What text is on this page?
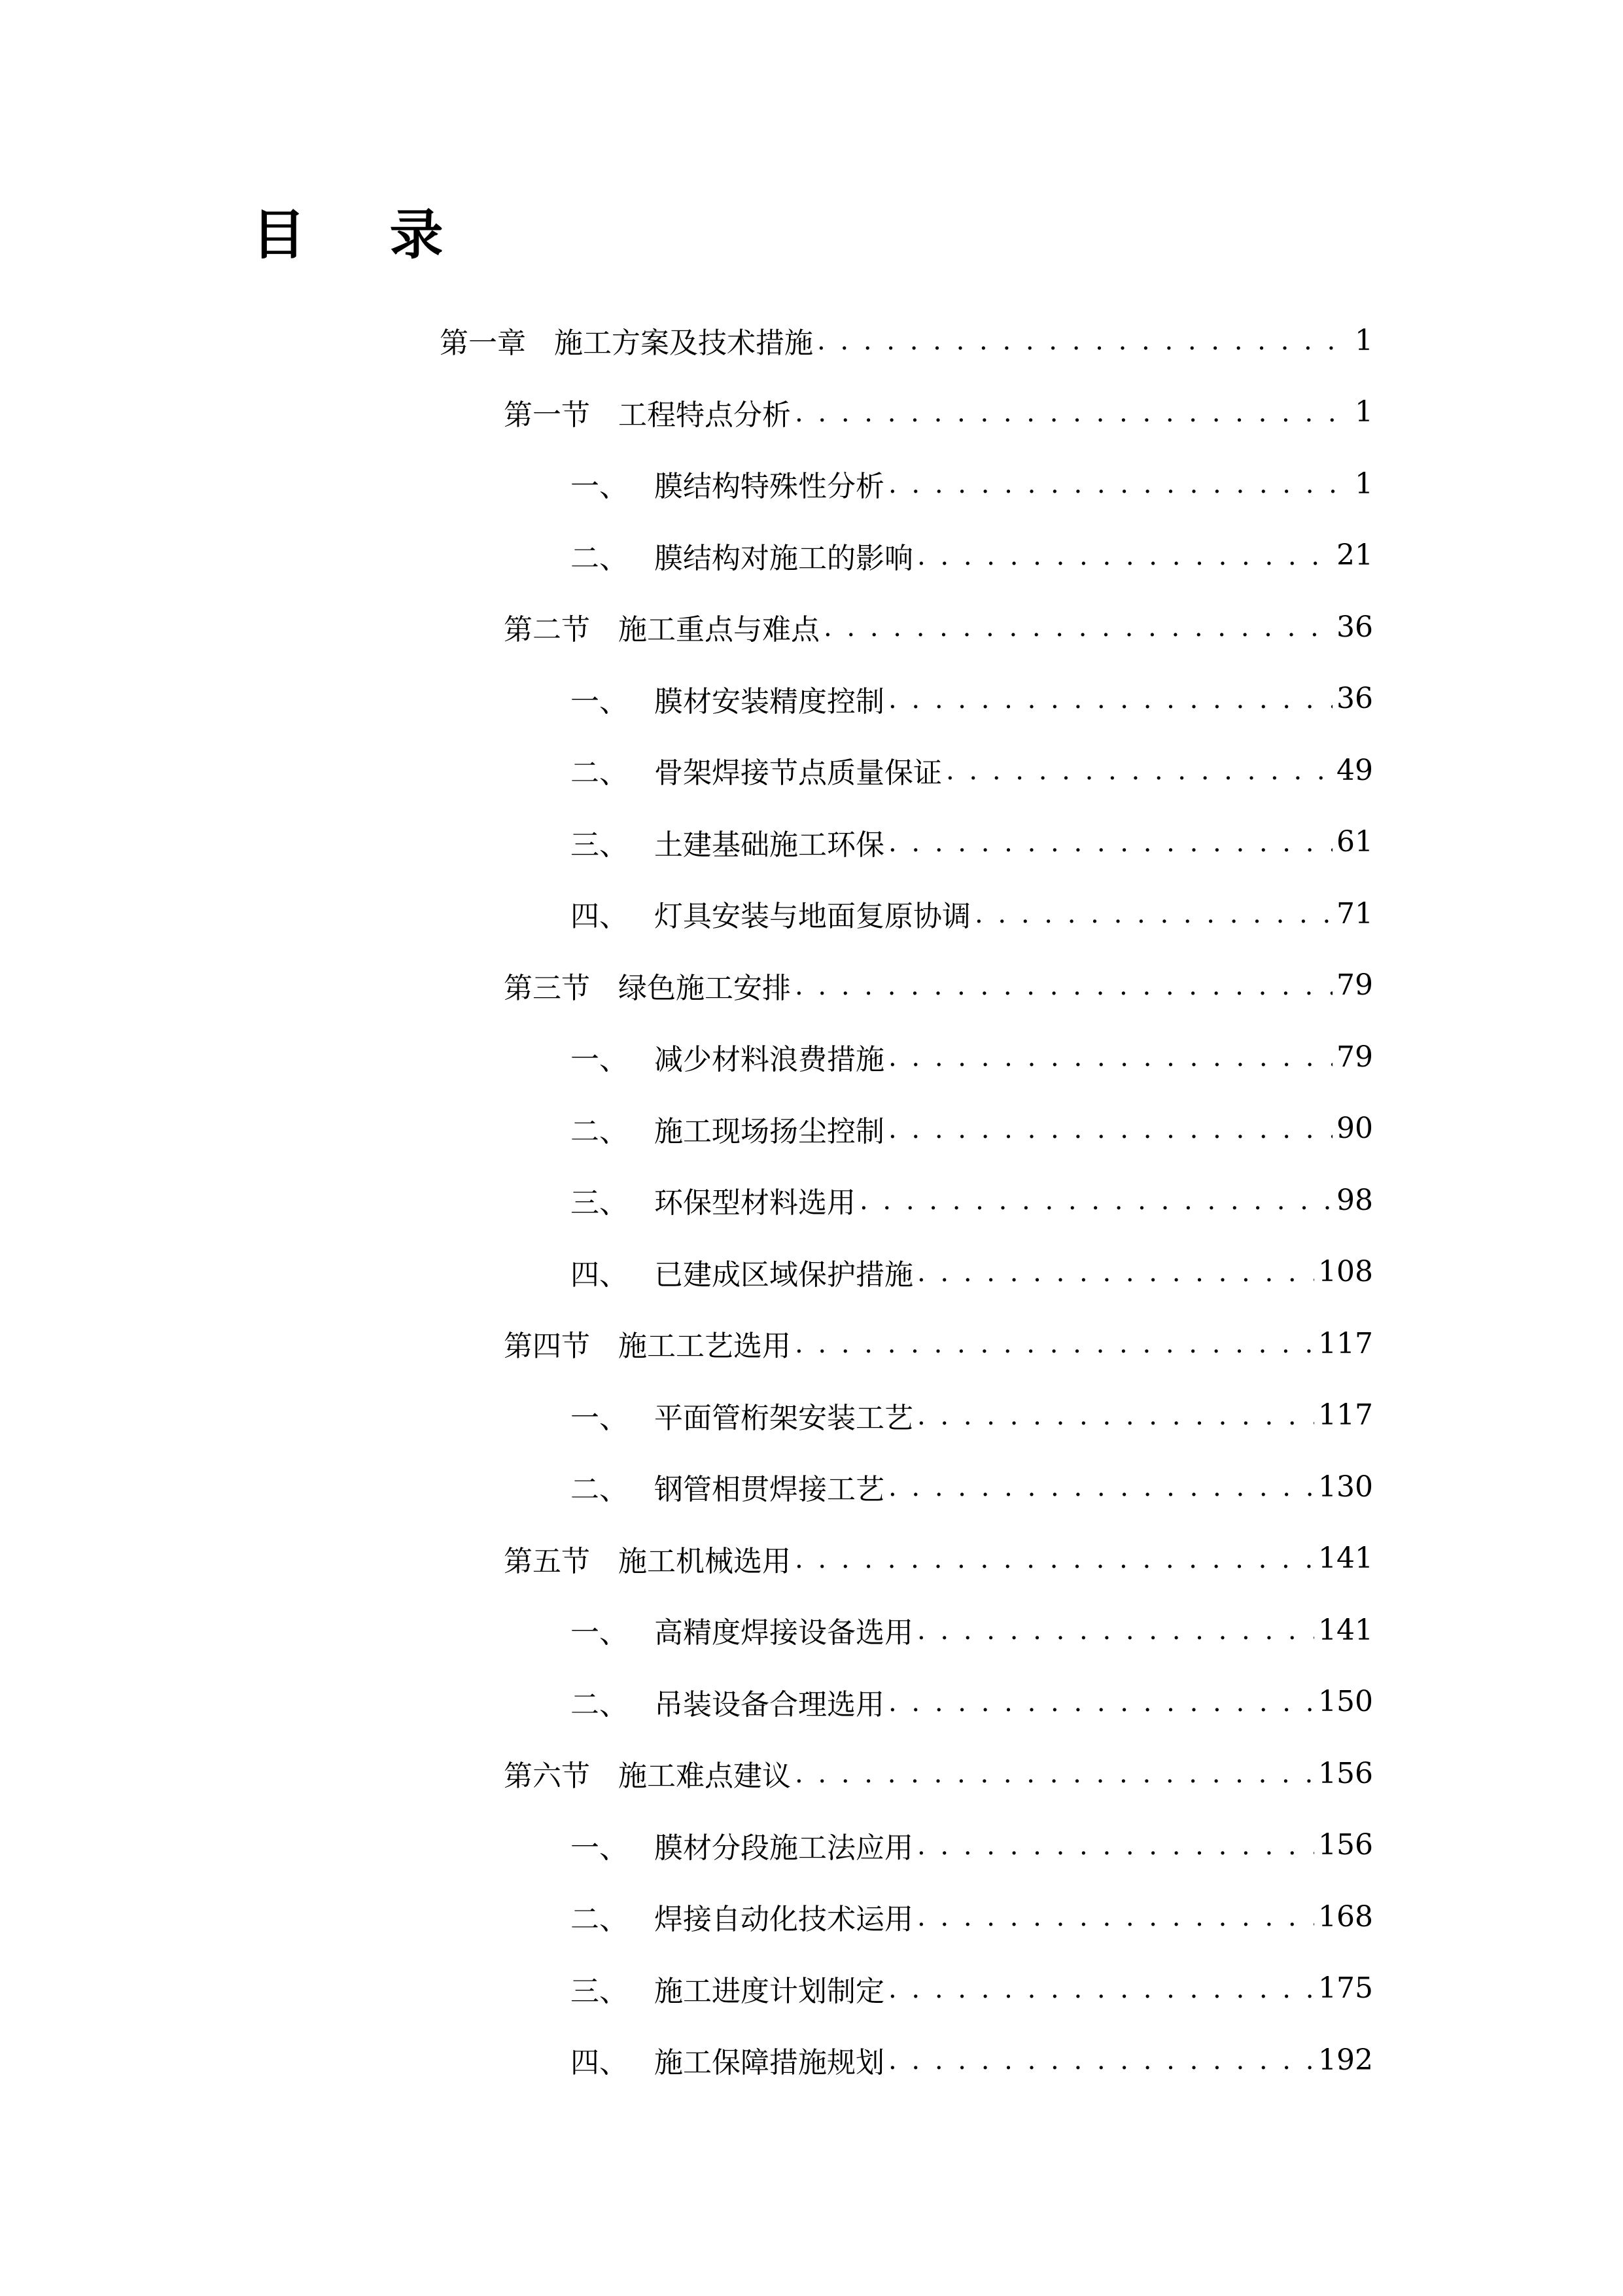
目 录
第一章 施工方案及技术措施 . . .	1
第一节 工程特点分析 . . .	1
一、 膜结构特殊性分析 . . .	1
二、 膜结构对施工的影响 . . .	21
第二节 施工重点与难点 . . .	36
一、 膜材安装精度控制 . . .	36
二、 骨架焊接节点质量保证 . . .	49
三、 土建基础施工环保 . . .	61
四、 灯具安装与地面复原协调 . . .	71
第三节 绿色施工安排 . . .	79
一、 减少材料浪费措施 . . .	79
二、 施工现场扬尘控制 . . .	90
三、 环保型材料选用 . . .	98
四、 已建成区域保护措施 . . .	108
第四节 施工工艺选用 . . .	117
一、 平面管桁架安装工艺 . . .	117
二、 钢管相贯焊接工艺 . . .	130
第五节 施工机械选用 . . .	141
一、 高精度焊接设备选用 . . .	141
二、 吊装设备合理选用 . . .	150
第六节 施工难点建议 . . .	156
一、 膜材分段施工法应用 . . .	156
二、 焊接自动化技术运用 . . .	168
三、 施工进度计划制定 . . .	175
四、 施工保障措施规划 . . .	192
